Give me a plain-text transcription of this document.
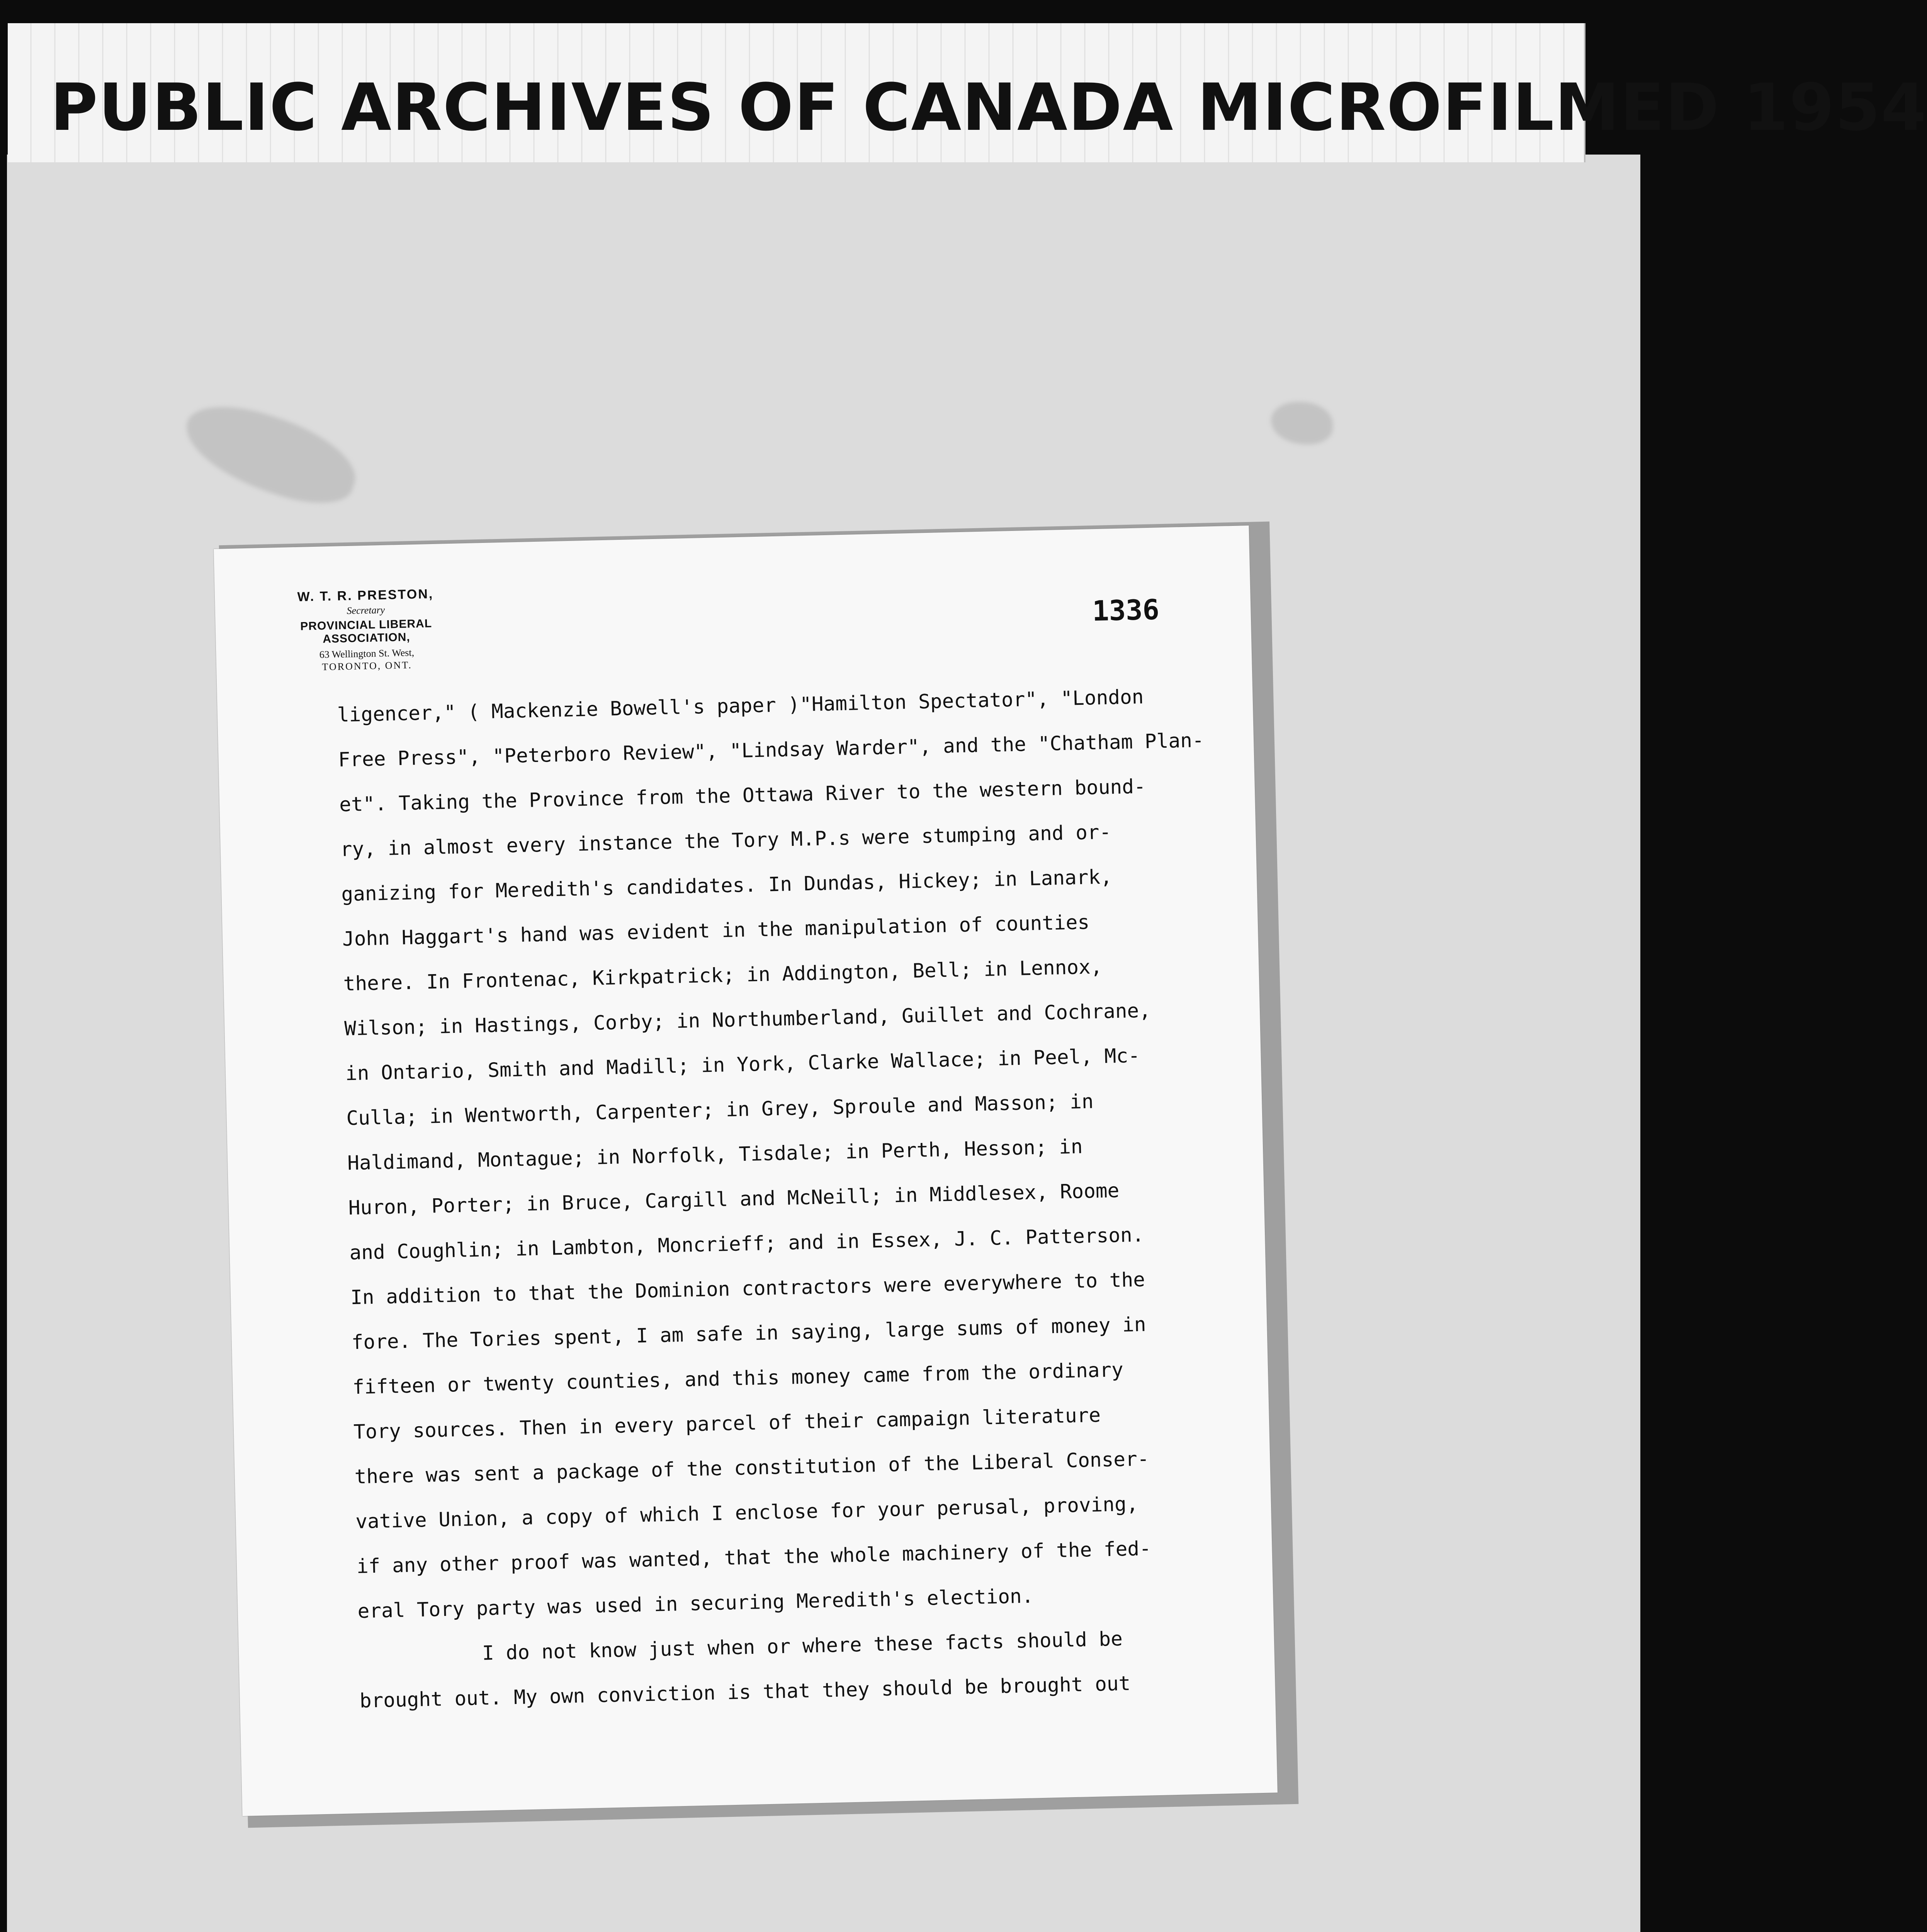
PUBLIC ARCHIVES OF CANADA MICROFILMED 1954
W. T. R. PRESTON,
Secretary
PROVINCIAL LIBERAL ASSOCIATION,
63 Wellington St. West,
TORONTO, ONT.
1336
ligencer," ( Mackenzie Bowell's paper )"Hamilton Spectator", "London
Free Press", "Peterboro Review", "Lindsay Warder", and the "Chatham Plan-
et". Taking the Province from the Ottawa River to the western bound-
ry, in almost every instance the Tory M.P.s were stumping and or-
ganizing for Meredith's candidates. In Dundas, Hickey; in Lanark,
John Haggart's hand was evident in the manipulation of counties
there. In Frontenac, Kirkpatrick; in Addington, Bell; in Lennox,
Wilson; in Hastings, Corby; in Northumberland, Guillet and Cochrane,
in Ontario, Smith and Madill; in York, Clarke Wallace; in Peel, Mc-
Culla; in Wentworth, Carpenter; in Grey, Sproule and Masson; in
Haldimand, Montague; in Norfolk, Tisdale; in Perth, Hesson; in
Huron, Porter; in Bruce, Cargill and McNeill; in Middlesex, Roome
and Coughlin; in Lambton, Moncrieff; and in Essex, J. C. Patterson.
In addition to that the Dominion contractors were everywhere to the
fore. The Tories spent, I am safe in saying, large sums of money in
fifteen or twenty counties, and this money came from the ordinary
Tory sources. Then in every parcel of their campaign literature
there was sent a package of the constitution of the Liberal Conser-
vative Union, a copy of which I enclose for your perusal, proving,
if any other proof was wanted, that the whole machinery of the fed-
eral Tory party was used in securing Meredith's election.
I do not know just when or where these facts should be
brought out. My own conviction is that they should be brought out
